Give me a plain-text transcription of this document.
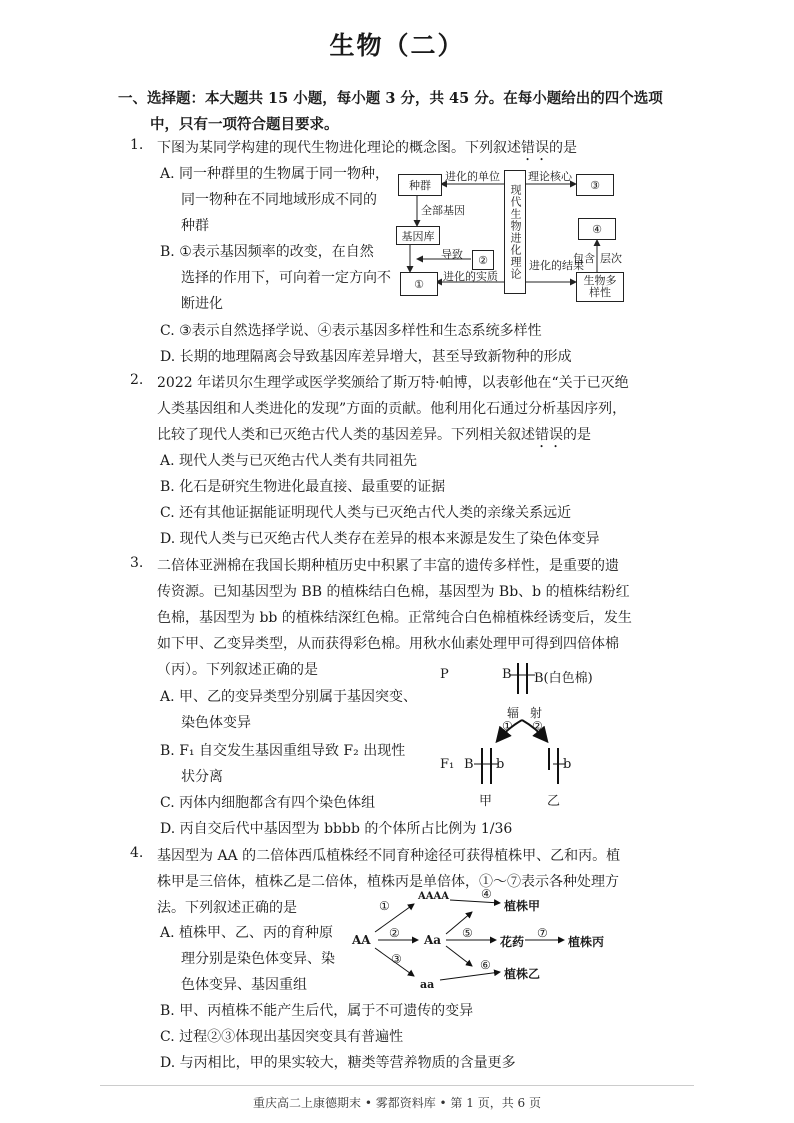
生物（二）
一、选择题：本大题共 15 小题，每小题 3 分，共 45 分。在每小题给出的四个选项
中，只有一项符合题目要求。
1. 下图为某同学构建的现代生物进化理论的概念图。下列叙述错误的是
A. 同一种群里的生物属于同一物种，
同一物种在不同地域形成不同的
种群
B. ①表示基因频率的改变，在自然
选择的作用下，可向着一定方向不
断进化
C. ③表示自然选择学说、④表示基因多样性和生态系统多样性
D. 长期的地理隔离会导致基因库差异增大，甚至导致新物种的形成
种群
基因库
①
②
③
④
生物多样性
现代生物进化理论
进化的单位	理论核心
全部基因
导致
进化的实质
进化的结果
包含 层次
2. 2022 年诺贝尔生理学或医学奖颁给了斯万特·帕博，以表彰他在“关于已灭绝
人类基因组和人类进化的发现”方面的贡献。他利用化石通过分析基因序列，
比较了现代人类和已灭绝古代人类的基因差异。下列相关叙述错误的是
A. 现代人类与已灭绝古代人类有共同祖先
B. 化石是研究生物进化最直接、最重要的证据
C. 还有其他证据能证明现代人类与已灭绝古代人类的亲缘关系远近
D. 现代人类与已灭绝古代人类存在差异的根本来源是发生了染色体变异
3. 二倍体亚洲棉在我国长期种植历史中积累了丰富的遗传多样性，是重要的遗
传资源。已知基因型为 BB 的植株结白色棉，基因型为 Bb、b 的植株结粉红
色棉，基因型为 bb 的植株结深红色棉。正常纯合白色棉植株经诱变后，发生
如下甲、乙变异类型，从而获得彩色棉。用秋水仙素处理甲可得到四倍体棉
（丙）。下列叙述正确的是
A. 甲、乙的变异类型分别属于基因突变、
染色体变异
B. F₁ 自交发生基因重组导致 F₂ 出现性
状分离
C. 丙体内细胞都含有四个染色体组
D. 丙自交后代中基因型为 bbbb 的个体所占比例为 1/36
P	B B(白色棉)
辐 射
① ②
F₁ B b	b
甲	乙
4. 基因型为 AA 的二倍体西瓜植株经不同育种途径可获得植株甲、乙和丙。植
株甲是三倍体，植株乙是二倍体，植株丙是单倍体，①～⑦表示各种处理方
法。下列叙述正确的是
A. 植株甲、乙、丙的育种原
理分别是染色体变异、染
色体变异、基因重组
B. 甲、丙植株不能产生后代，属于不可遗传的变异
C. 过程②③体现出基因突变具有普遍性
D. 与丙相比，甲的果实较大，糖类等营养物质的含量更多
AA
AAAA
Aa
aa
①
②
③
④
⑤
⑥
⑦
植株甲
花药	植株丙
植株乙
重庆高二上康德期末 • 雾都资料库 • 第 1 页，共 6 页
